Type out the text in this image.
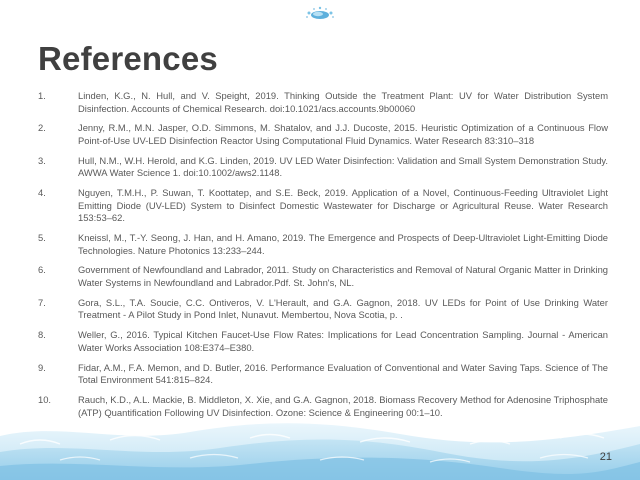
References
1.	Linden, K.G., N. Hull, and V. Speight, 2019. Thinking Outside the Treatment Plant: UV for Water Distribution System Disinfection. Accounts of Chemical Research. doi:10.1021/acs.accounts.9b00060
2.	Jenny, R.M., M.N. Jasper, O.D. Simmons, M. Shatalov, and J.J. Ducoste, 2015. Heuristic Optimization of a Continuous Flow Point-of-Use UV-LED Disinfection Reactor Using Computational Fluid Dynamics. Water Research 83:310–318
3.	Hull, N.M., W.H. Herold, and K.G. Linden, 2019. UV LED Water Disinfection: Validation and Small System Demonstration Study. AWWA Water Science 1. doi:10.1002/aws2.1148.
4.	Nguyen, T.M.H., P. Suwan, T. Koottatep, and S.E. Beck, 2019. Application of a Novel, Continuous-Feeding Ultraviolet Light Emitting Diode (UV-LED) System to Disinfect Domestic Wastewater for Discharge or Agricultural Reuse. Water Research 153:53–62.
5.	Kneissl, M., T.-Y. Seong, J. Han, and H. Amano, 2019. The Emergence and Prospects of Deep-Ultraviolet Light-Emitting Diode Technologies. Nature Photonics 13:233–244.
6.	Government of Newfoundland and Labrador, 2011. Study on Characteristics and Removal of Natural Organic Matter in Drinking Water Systems in Newfoundland and Labrador.Pdf. St. John's, NL.
7.	Gora, S.L., T.A. Soucie, C.C. Ontiveros, V. L'Herault, and G.A. Gagnon, 2018. UV LEDs for Point of Use Drinking Water Treatment - A Pilot Study in Pond Inlet, Nunavut. Membertou, Nova Scotia, p. .
8.	Weller, G., 2016. Typical Kitchen Faucet-Use Flow Rates: Implications for Lead Concentration Sampling. Journal - American Water Works Association 108:E374–E380.
9.	Fidar, A.M., F.A. Memon, and D. Butler, 2016. Performance Evaluation of Conventional and Water Saving Taps. Science of The Total Environment 541:815–824.
10.	Rauch, K.D., A.L. Mackie, B. Middleton, X. Xie, and G.A. Gagnon, 2018. Biomass Recovery Method for Adenosine Triphosphate (ATP) Quantification Following UV Disinfection. Ozone: Science & Engineering 00:1–10.
21
